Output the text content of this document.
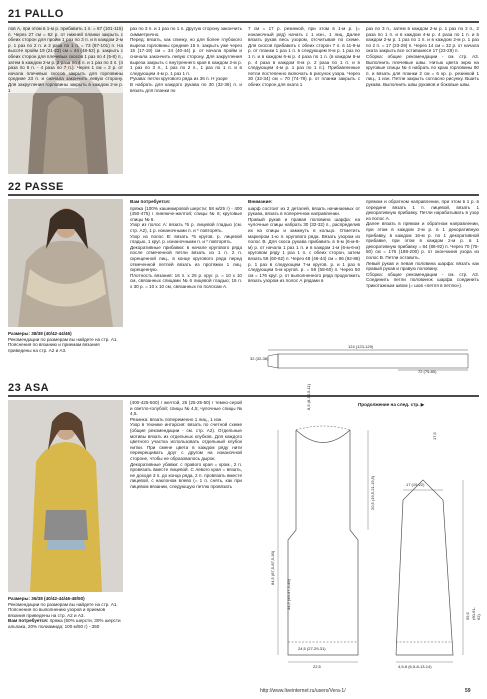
21 PALLO

лов А, при этом в 1-м р. прибавить 1 п. = 67 (101-115) п. Через 27 см = 62 р. от нижней планки закрыть с обеих сторон для пройм 1 раз по 3 п. и в каждом 2-м р. 1 раз по 2 п. и 2 раза по 1 п. = 73 (87-101) п. На высоте пройм 19 (21-23) см = 44 (48-52) р. закрыть с обеих сторон для плечевых скосов 1 раз по 4 (5-8) п., затем в каждом 2-м р. 2 раза по 4 п. и 1 раз по 3 п. (4 раза по 6 п. - 4 раза по 7 п.). Через 1 см = 2 р. от начала плечевых скосов закрыть для горловины средние 23 п. и сначала закончить левую сторону. Для закругления горловины закрыть в каждом 2-м р. 1

раз по 3 п. и 1 раз по 1 п. Другую сторону закончить симметрично.
Перед: вязать, как спинку, но для более глубокого выреза горловины средние 15 п. закрыть уже через 15 (17-19) см = 34 (40-44) р. от начала пройм и сначала закончить левую сторону. Для закругления выреза закрыть с внутреннего края в каждом 2-м р. 1 раз по 3 п., 1 раз по 2 п., 1 раз по 1 п. и в следующем 4-м р. 1 раз 1 п.
Рукава: петли кругового ряда из 36 п. Н узоре
В набрать для каждого рукава по 30 (32-36) п. и вязать для планки по

7 см = 17 р. резинкой, при этом в 1-м р. (= изнаночный ряд) начать с 1 изн., 1 лиц. Далее вязать рукав весь узором, отсчитывая по схеме. Для скосов прибавить с обеих сторон 7 п. в 11-9-м р. от планки 1 раз 1 п. в следующем 8-м р. 1 раз по 1 п. и в каждом 6-м р. 4 раза по 1 п. (в каждом 6-м р. 4 раза в каждом 8-м р. 2 раза по 1 п. и в следующем 4-м р. 1 раз по 1 п.). Прибавленные петли постепенно включать в рисунок узора. Через 30 (32-34) см = 70 (74-78) р. от планки закрыть с обеих сторон для оката 1

раз по 3 п., затем в каждом 2-м р. 1 раз по 2 п., 2 раза по 1 п. и в каждом 4-м р. 4 раза по 1 п. и в каждом 2-м р. 1 раз по 1 п. и в каждом 2-м р. 1 раз по 2 п. = 17 (23-29) п. Через 14 см = 32 р. от начала оката закрыть все оставшиеся 17 (23-29) п.
Сборка: общие рекомендации - см. стр. А3. Выполнить плечевые швы. Нитью цвета экрю на круговые спицы № 4 набрать по краю горловины 90 п. и вязать для планки 2 см = 6 кр. р. резинкой 1 лиц., 1 изн. Петли закрыть согласно рисунку. Вшить рукава. Выполнить швы рукавов и боковые швы.

22 PASSE
Размеры: 38/38 (40/42-44/46)
Рекомендации по размерам вы найдете на стр. А1. Пояснения по вязанию и приемам вязания приведены на стр. А2 и А3.

Вам потребуется:

пряжа (100% кашемировой шерсти; 58 м/25 г) - 400 (450-475) г линяюче-желтой; спицы № 6; круговые спицы № 6.
Узор из полос А: вязать *5 р. лицевой гладью (см. стр. А2), 1 р. изнаночными п. и * повторять.
Узор из полос В: вязать *5 кругов. р. лицевой гладью, 1 круг. р. изнаночными п. и * повторять.
Декоративные прибавки: в начале кругового ряда после отмеченной петли вязать из 1 п. 2 п. скрещенной лиц., в конце кругового ряда перед отмеченной петлей вязать из протяжки 1 лиц. скрещенную.
Плотность вязания: 16 п. х 25 р. круг. р. = 10 х 10 см, связанных спицами № 6 лицевой гладью; 16 п. х 30 р. = 10 х 10 см, связанных по полосам А.

Внимание:

шарф состоит из 2 деталей, вязать начинаемых от рукава, вязать в поперечном направлении.
Правый рукав и правая половина шарфа: на чулочные спицы набрать 30 (32-32) п., распределив их на спицы и замкнуть в кольцо. Отметить маркером 1-ю п. кругового ряда. Вязать узором из полос В. Для скоса рукава прибавить в 6-м (6-м-8-м) р. от начала 1 раз 1 п. и в каждом 1-м (6-м-6-м) круговом ряду 1 раз 1 п. с обеих сторон, затем вязать 58 (60-62) п. Через 48 (46-44) см = 96 (92-88) р. 1 раз в следующем 7-м кругов. р. и 1 раз в следующем 5-м кругов. р. = 56 (58-60) п. Через 50 см = 176 круг. р. от выполненного ряда продолжить вязать узором из полос А рядами в

прямом и обратном направлении, при этом в 1 р. в середине вязать 1 п. лицевой, вязать 1 декоративную прибавку. Петли нарабатывать в узор из полос А.
Далее вязать в прямом и обратном направлении, при этом в каждом 2-м р. в 1 декоративную прибавку, в каждом 16-м р. по 1 декоративной прибавке, при этом в каждом 2-м р. в 1 декоративную прибавку = 84 (88-92) п. Через 70 (75-80) см = 176 (188-200) р. от окончания узора из полос В. Петли оставить.
Левый рукав и левая половина шарфа: вязать как правый рукав и правую половину.
Сборка: общие рекомендации - см. стр. А3. Соединить петли половинок шарфа соединить трикотажным швом (= шов «петля в петлю»).

124 (123-129)
32 (32-36)
72 (75-80)
23 ASA
Размеры: 36/38 (40/42-44/46-48/50)
Рекомендации по размерам вы найдете на стр. А1. Пояснения по выполнению узоров и приемов вязания приведены на стр. А2 и А3.
Вам потребуется: пряжа (50% шерсти, 30% шерсти альпака, 20% полиамида; 100 м/50 г) - 350

(400-425-500) г желтой, 25 (25-25-50) г темно-серой и светло-голубой; спицы № 4,5; чулочные спицы № 4,5.
Резинка: вязать попеременно 1 лиц., 1 изн.
Узор в технике интарсия: вязать по счетной схеме (общие рекомендации - см. стр. А2). Отдельные мотивы вязать из отдельных клубков. Для каждого цветного участка использовать отдельный клубок нитки. При смене цвета в каждом ряду нити перекрещивать друг с другом на изнаночной стороне, чтобы не образовалось дырок.
Декоративные убавки: с правого края = кром., 2 п. провязать вместе лицевой. С левого края = вязать, не доходя 3 п. до конца ряда, 2 п. провязать вместе лицевой, с наклоном влево (= 1 п. снять, как при лицевом вязании, следующую петлю провязать

Продолжение на след. стр. ▶
8,5 (8-10,5-11)
84,5 (87,5-87,5-90)
44,5 (46-47,5-49)
20,5 (19,5-21-19,5)
22,5
24,5 (27-29-31)
17 (19-22)
59,5 (60-61-62)
4,5-6 (6,5-8-13-14)
17,5
http://www.liveinternet.ru/users/Vera-1/	59
